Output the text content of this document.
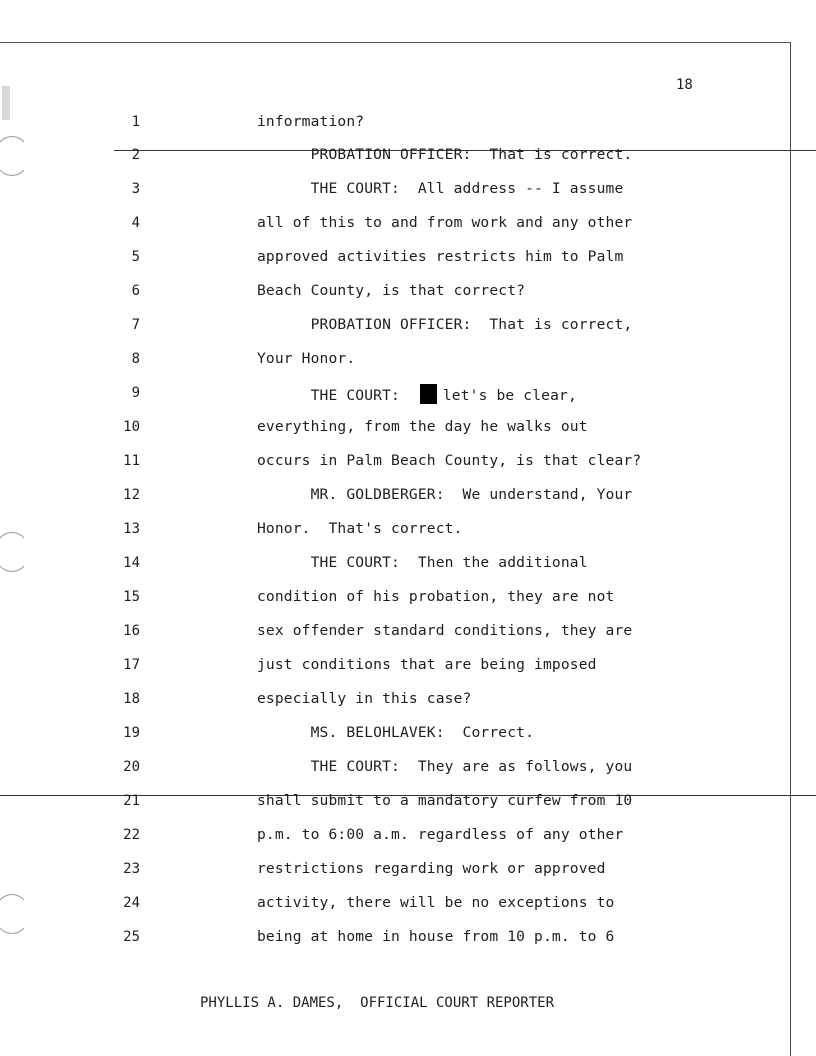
18
1	information?
2	PROBATION OFFICER:  That is correct.
3	THE COURT:  All address -- I assume
4	all of this to and from work and any other
5	approved activities restricts him to Palm
6	Beach County, is that correct?
7	PROBATION OFFICER:  That is correct,
8	Your Honor.
9	THE COURT:  let's be clear,
10	everything, from the day he walks out
11	occurs in Palm Beach County, is that clear?
12	MR. GOLDBERGER:  We understand, Your
13	Honor.  That's correct.
14	THE COURT:  Then the additional
15	condition of his probation, they are not
16	sex offender standard conditions, they are
17	just conditions that are being imposed
18	especially in this case?
19	MS. BELOHLAVEK:  Correct.
20	THE COURT:  They are as follows, you
21	shall submit to a mandatory curfew from 10
22	p.m. to 6:00 a.m. regardless of any other
23	restrictions regarding work or approved
24	activity, there will be no exceptions to
25	being at home in house from 10 p.m. to 6
PHYLLIS A. DAMES,  OFFICIAL COURT REPORTER
